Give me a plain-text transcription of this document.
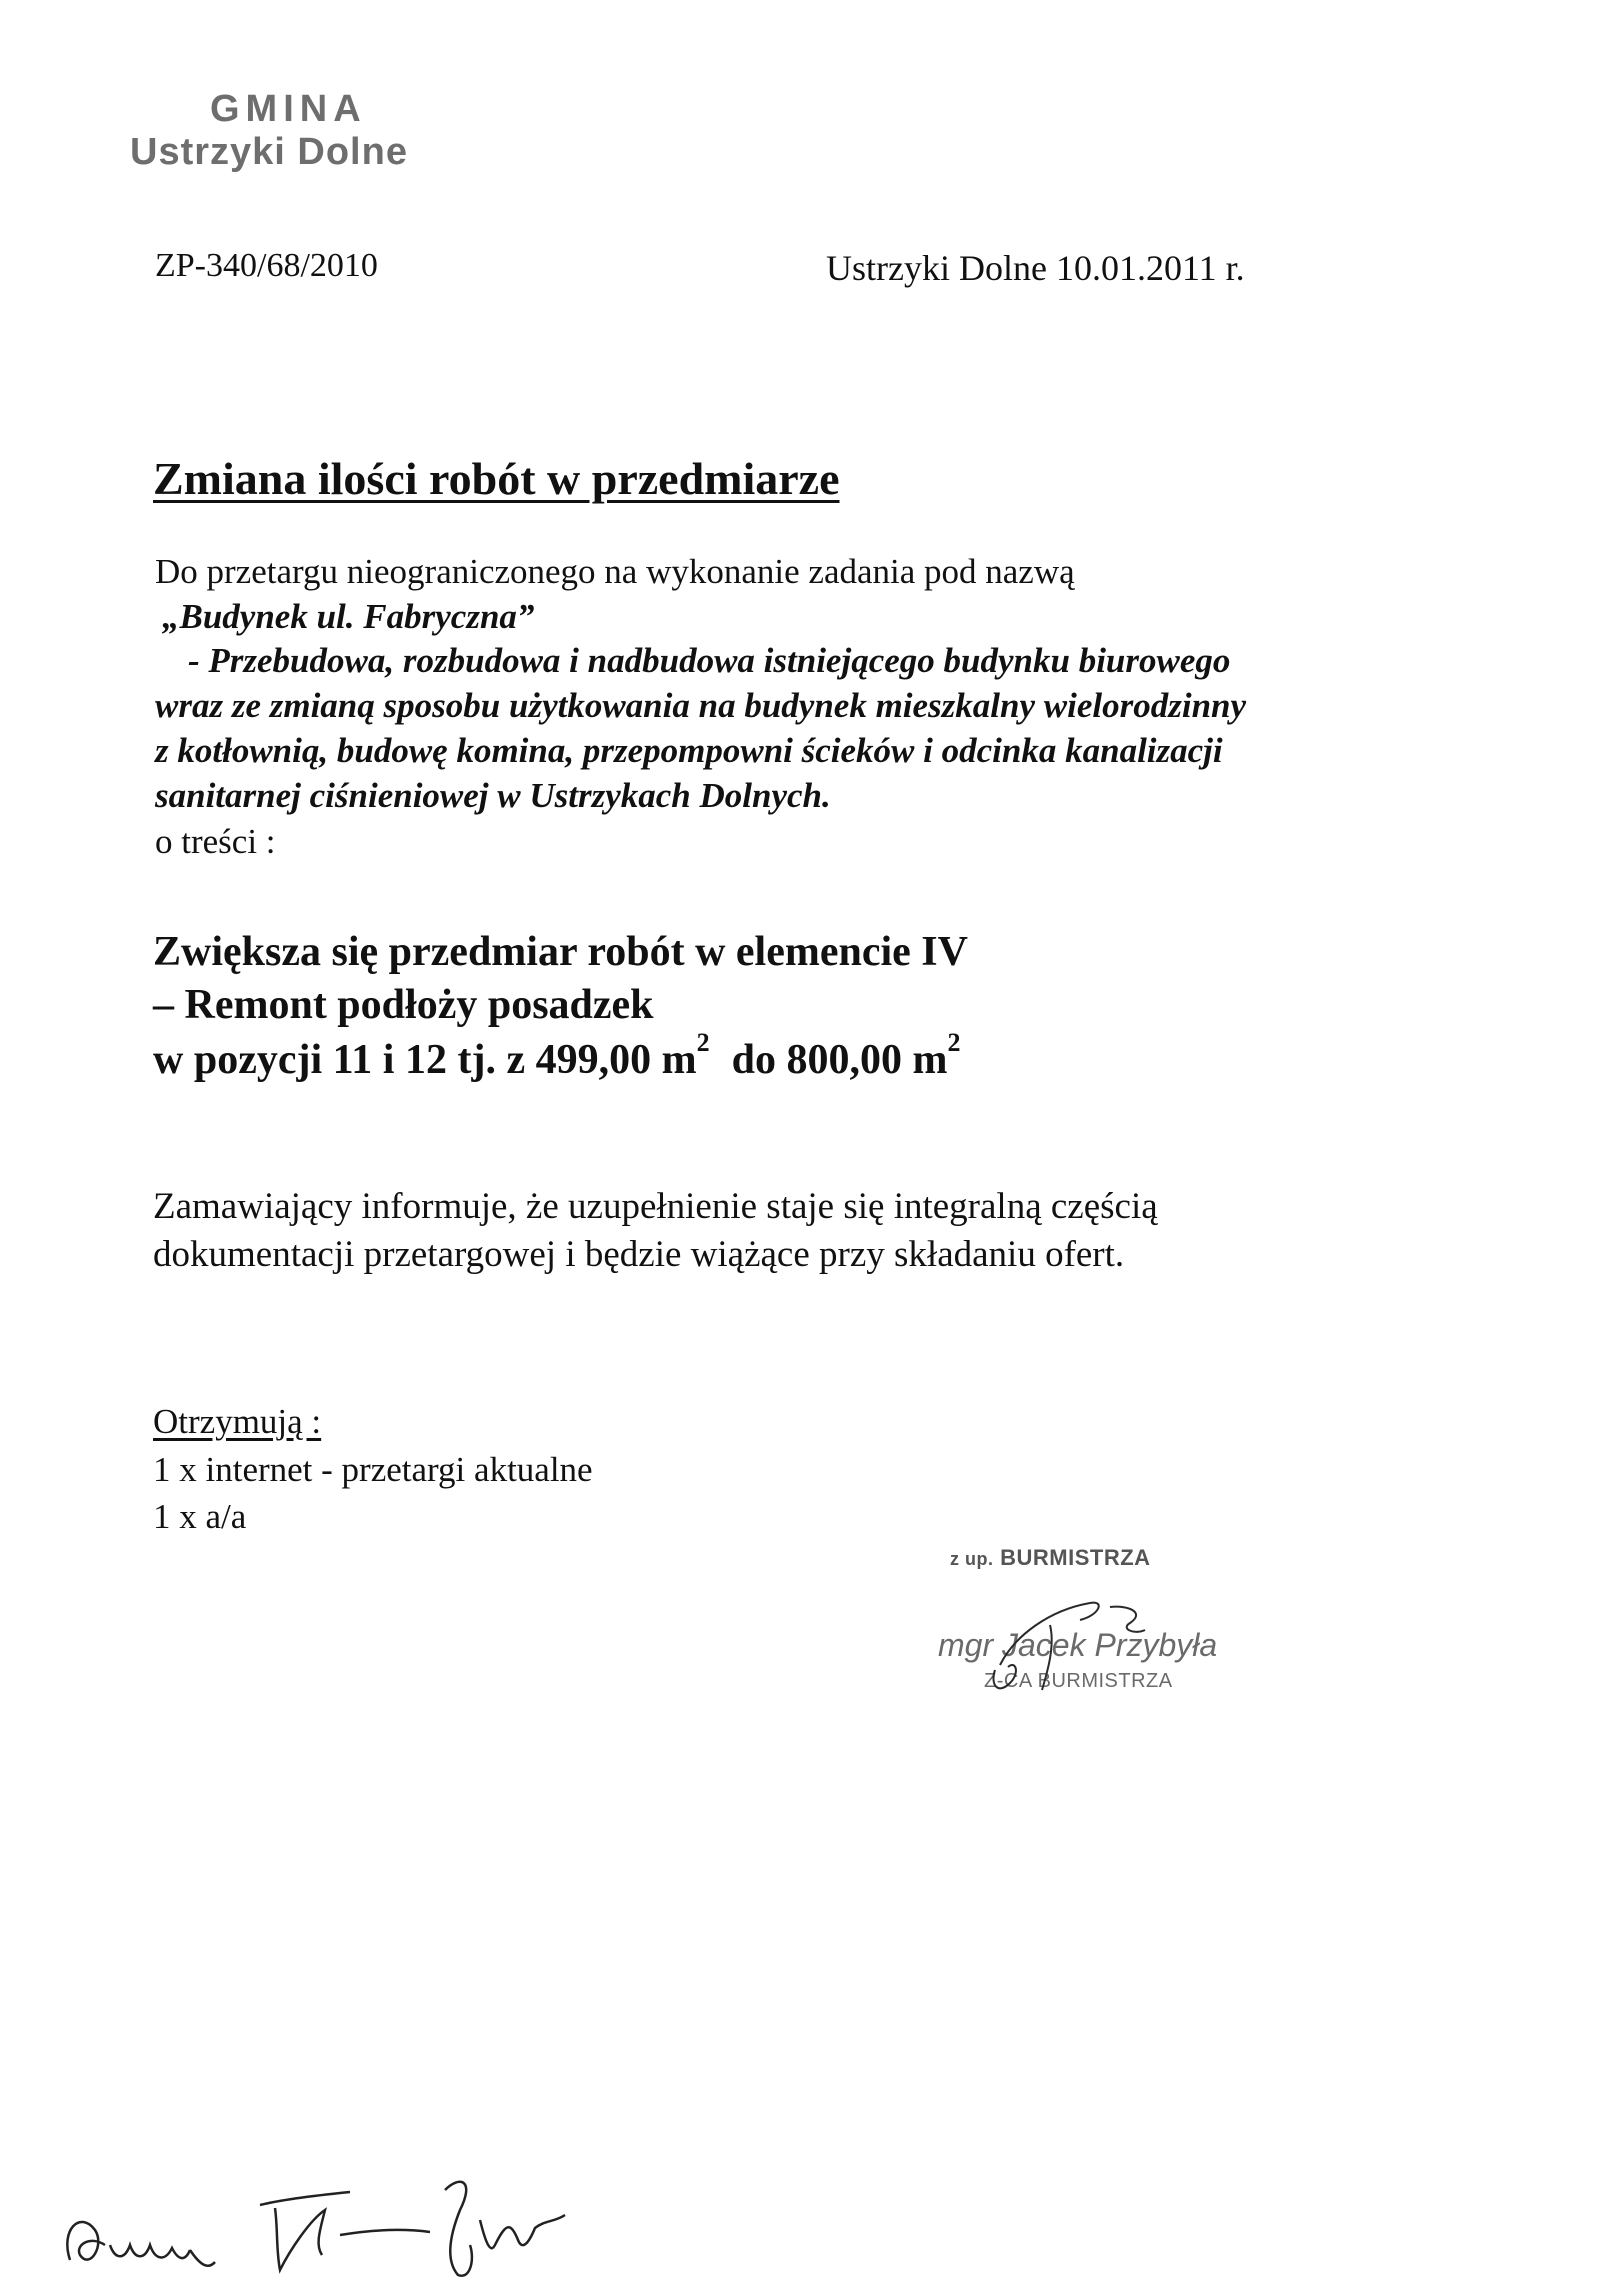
GMINA
Ustrzyki Dolne
ZP-340/68/2010	Ustrzyki Dolne 10.01.2011 r.
Zmiana ilości robót w przedmiarze
Do przetargu nieograniczonego na wykonanie zadania pod nazwą
„Budynek ul. Fabryczna”
- Przebudowa, rozbudowa i nadbudowa istniejącego budynku biurowego
wraz ze zmianą sposobu użytkowania na budynek mieszkalny wielorodzinny
z kotłownią, budowę komina, przepompowni ścieków i odcinka kanalizacji
sanitarnej ciśnieniowej w Ustrzykach Dolnych.
o treści :
Zwiększa się przedmiar robót w elemencie IV
– Remont podłoży posadzek
w pozycji 11 i 12 tj. z 499,00 $m^2$ do 800,00 $m^2$
Zamawiający informuje, że uzupełnienie staje się integralną częścią
dokumentacji przetargowej i będzie wiążące przy składaniu ofert.
Otrzymują :
1 x internet - przetargi aktualne
1 x a/a
z up. BURMISTRZA
mgr Jacek Przybyła
Z-CA BURMISTRZA
